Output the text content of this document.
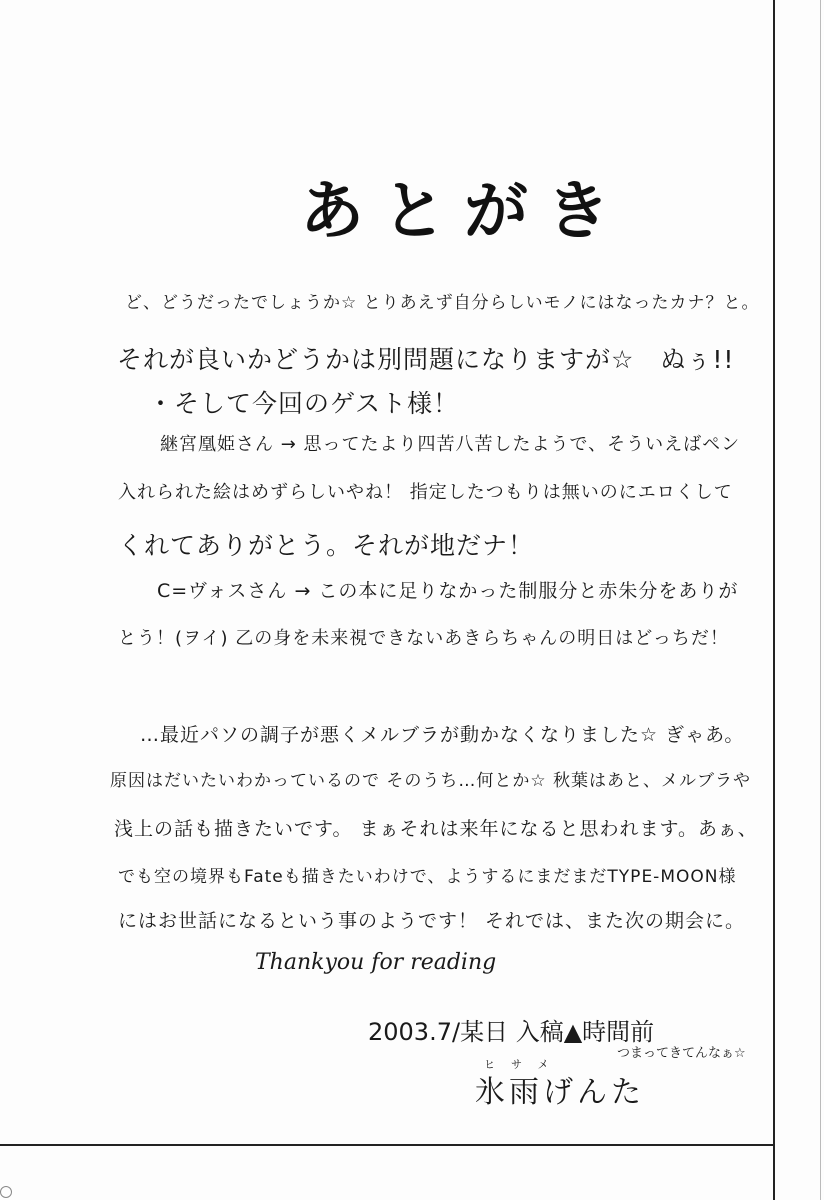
あとがき
ど、どうだったでしょうか☆ とりあえず自分らしいモノにはなったカナ？と。
それが良いかどうかは別問題になりますが☆　ぬぅ!!
・そして今回のゲスト様！
継宮凰姫さん → 思ってたより四苦八苦したようで、そういえばペン
入れられた絵はめずらしいやね！ 指定したつもりは無いのにエロくして
くれてありがとう。それが地だナ！
C=ヴォスさん → この本に足りなかった制服分と赤朱分をありが
とう！(ヲイ) 乙の身を未来視できないあきらちゃんの明日はどっちだ！
…最近パソの調子が悪くメルブラが動かなくなりました☆ ぎゃあ。
原因はだいたいわかっているので そのうち…何とか☆ 秋葉はあと、メルブラや
浅上の話も描きたいです。 まぁそれは来年になると思われます。あぁ、
でも空の境界もFateも描きたいわけで、ようするにまだまだTYPE-MOON様
にはお世話になるという事のようです！ それでは、また次の期会に。
Thankyou for reading
2003.7/某日 入稿▲時間前
つまってきてんなぁ☆
ヒサメ
氷雨げんた
